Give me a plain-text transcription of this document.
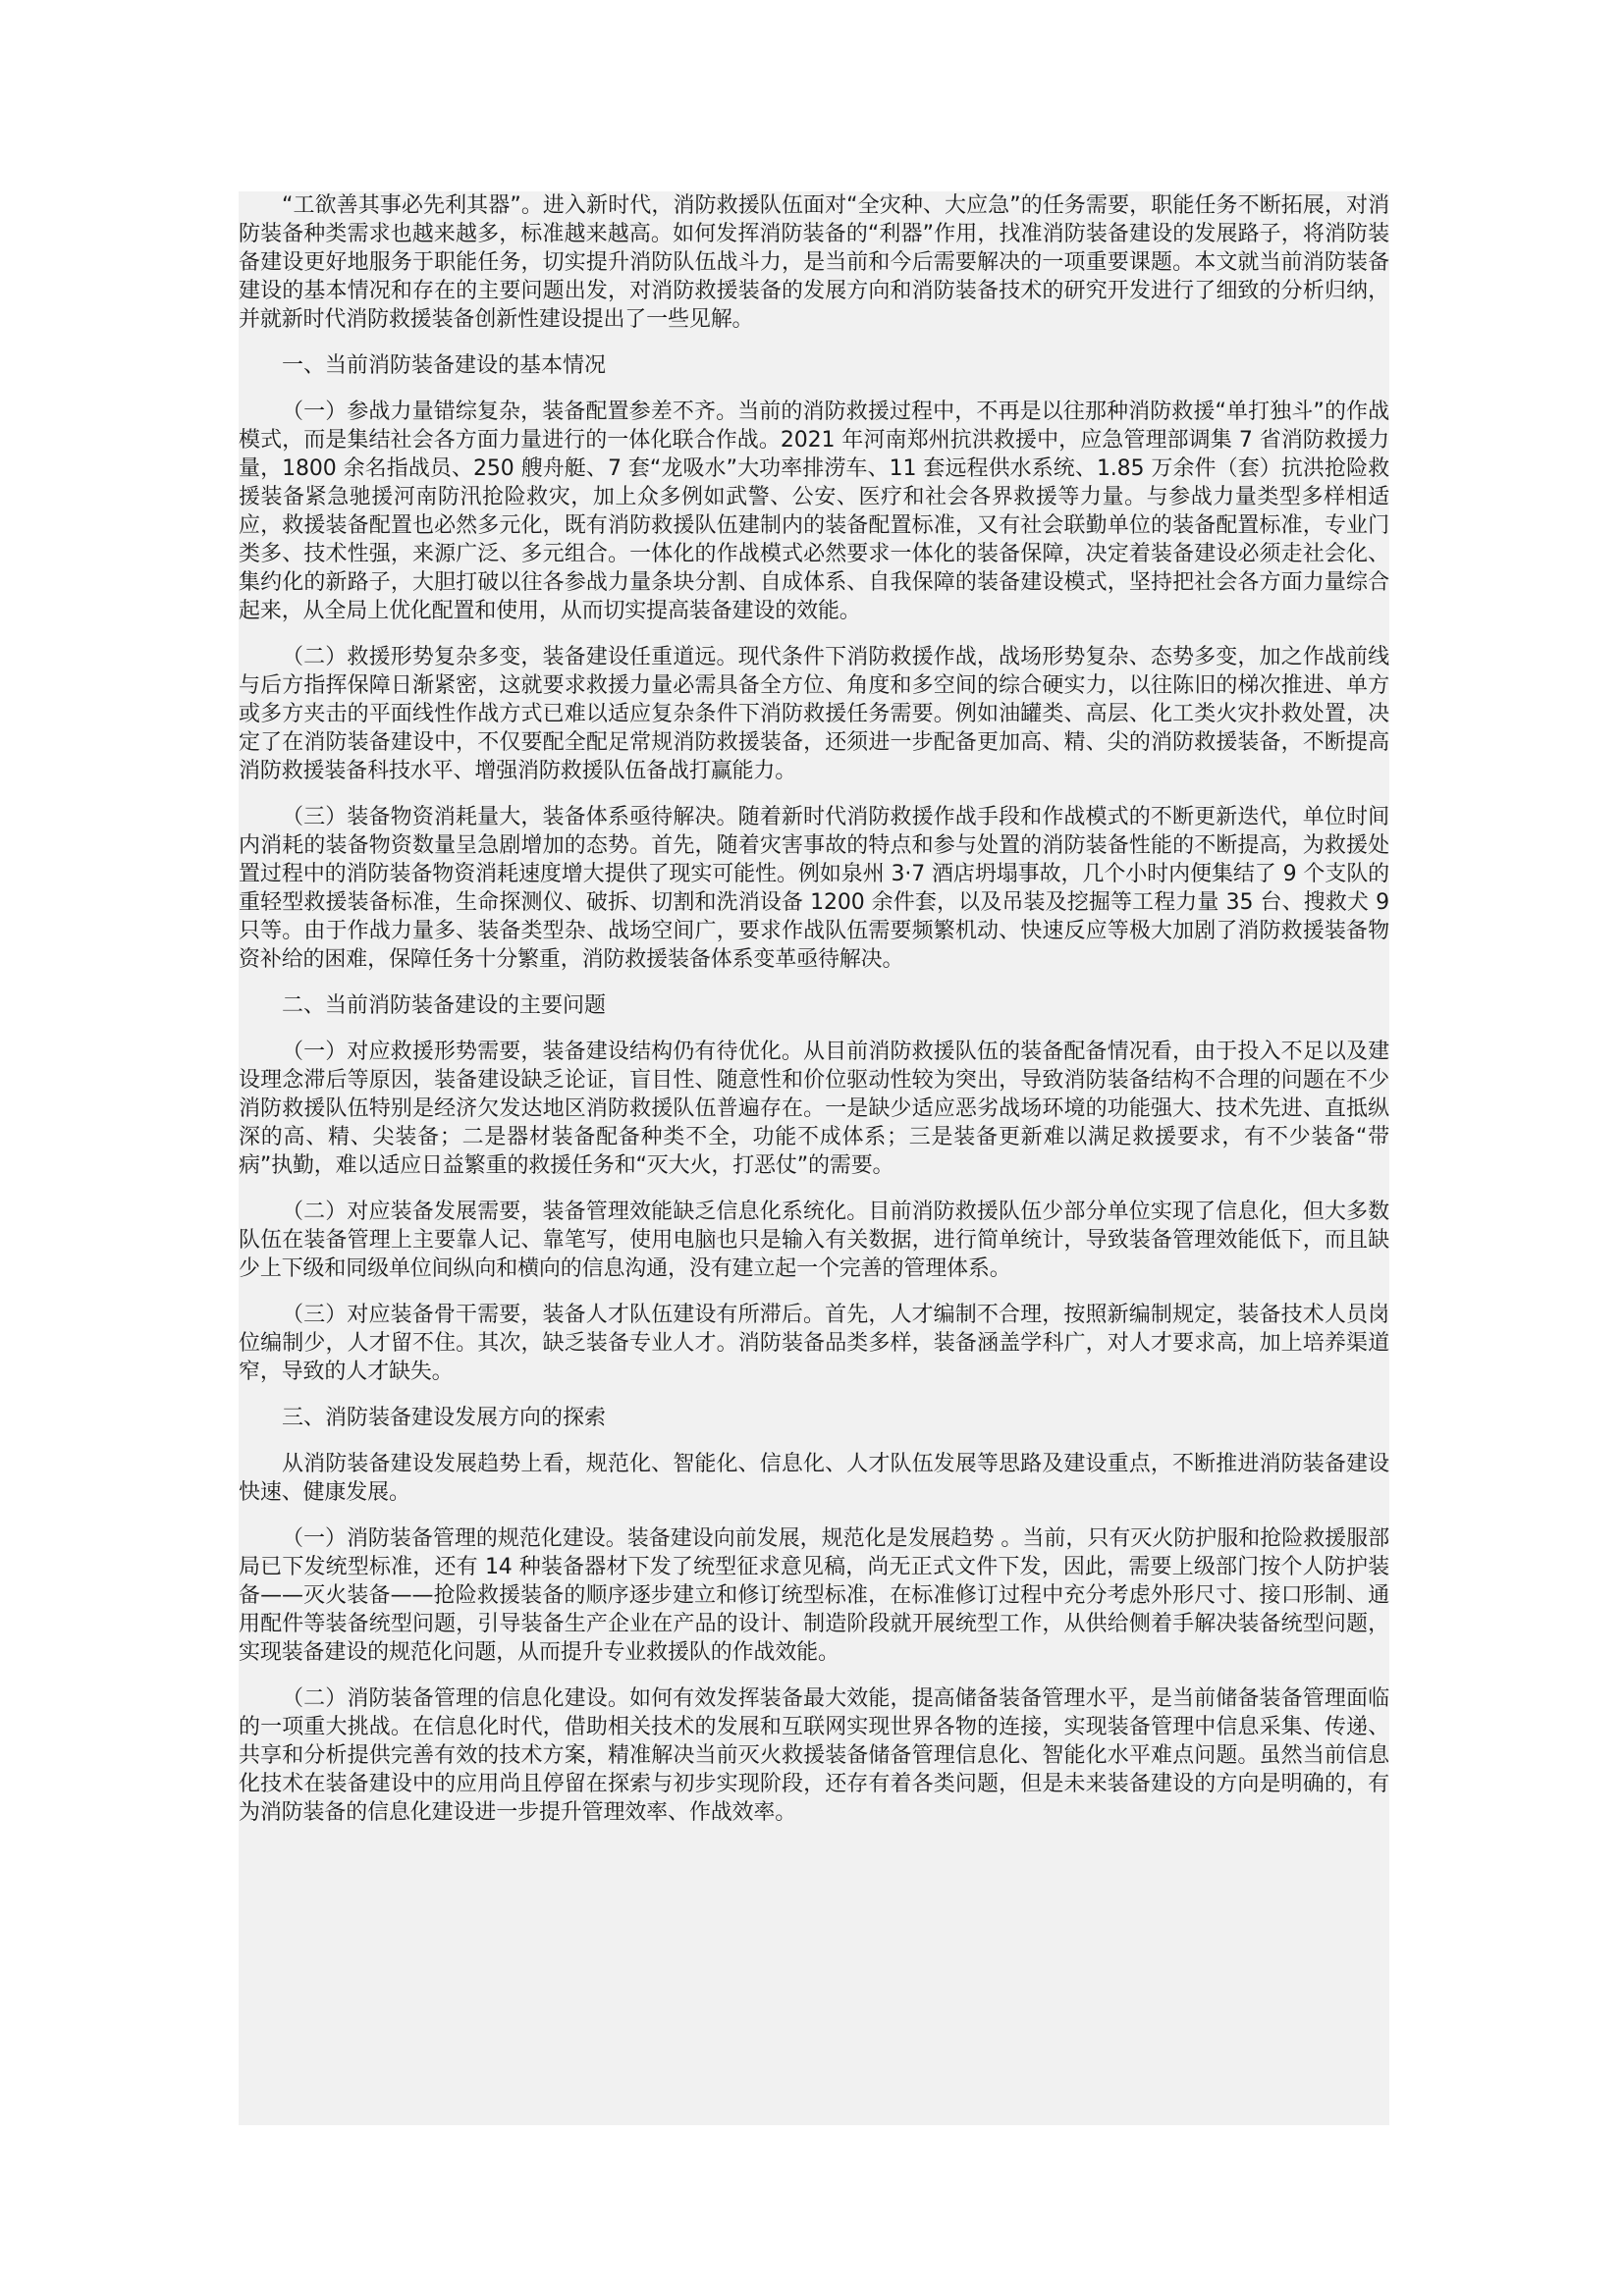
“工欲善其事必先利其器”。进入新时代，消防救援队伍面对“全灾种、大应急”的任务需要，职能任务不断拓展，对消防装备种类需求也越来越多，标准越来越高。如何发挥消防装备的“利器”作用，找准消防装备建设的发展路子，将消防装备建设更好地服务于职能任务，切实提升消防队伍战斗力，是当前和今后需要解决的一项重要课题。本文就当前消防装备建设的基本情况和存在的主要问题出发，对消防救援装备的发展方向和消防装备技术的研究开发进行了细致的分析归纳，并就新时代消防救援装备创新性建设提出了一些见解。

一、当前消防装备建设的基本情况

（一）参战力量错综复杂，装备配置参差不齐。当前的消防救援过程中，不再是以往那种消防救援“单打独斗”的作战模式，而是集结社会各方面力量进行的一体化联合作战。2021 年河南郑州抗洪救援中，应急管理部调集 7 省消防救援力量，1800 余名指战员、250 艘舟艇、7 套“龙吸水”大功率排涝车、11 套远程供水系统、1.85 万余件（套）抗洪抢险救援装备紧急驰援河南防汛抢险救灾，加上众多例如武警、公安、医疗和社会各界救援等力量。与参战力量类型多样相适应，救援装备配置也必然多元化，既有消防救援队伍建制内的装备配置标准，又有社会联勤单位的装备配置标准，专业门类多、技术性强，来源广泛、多元组合。一体化的作战模式必然要求一体化的装备保障，决定着装备建设必须走社会化、集约化的新路子，大胆打破以往各参战力量条块分割、自成体系、自我保障的装备建设模式，坚持把社会各方面力量综合起来，从全局上优化配置和使用，从而切实提高装备建设的效能。

（二）救援形势复杂多变，装备建设任重道远。现代条件下消防救援作战，战场形势复杂、态势多变，加之作战前线与后方指挥保障日渐紧密，这就要求救援力量必需具备全方位、角度和多空间的综合硬实力，以往陈旧的梯次推进、单方或多方夹击的平面线性作战方式已难以适应复杂条件下消防救援任务需要。例如油罐类、高层、化工类火灾扑救处置，决定了在消防装备建设中，不仅要配全配足常规消防救援装备，还须进一步配备更加高、精、尖的消防救援装备，不断提高消防救援装备科技水平、增强消防救援队伍备战打赢能力。

（三）装备物资消耗量大，装备体系亟待解决。随着新时代消防救援作战手段和作战模式的不断更新迭代，单位时间内消耗的装备物资数量呈急剧增加的态势。首先，随着灾害事故的特点和参与处置的消防装备性能的不断提高，为救援处置过程中的消防装备物资消耗速度增大提供了现实可能性。例如泉州 3·7 酒店坍塌事故，几个小时内便集结了 9 个支队的重轻型救援装备标准，生命探测仪、破拆、切割和洗消设备 1200 余件套，以及吊装及挖掘等工程力量 35 台、搜救犬 9 只等。由于作战力量多、装备类型杂、战场空间广，要求作战队伍需要频繁机动、快速反应等极大加剧了消防救援装备物资补给的困难，保障任务十分繁重，消防救援装备体系变革亟待解决。

二、当前消防装备建设的主要问题

（一）对应救援形势需要，装备建设结构仍有待优化。从目前消防救援队伍的装备配备情况看，由于投入不足以及建设理念滞后等原因，装备建设缺乏论证，盲目性、随意性和价位驱动性较为突出，导致消防装备结构不合理的问题在不少消防救援队伍特别是经济欠发达地区消防救援队伍普遍存在。一是缺少适应恶劣战场环境的功能强大、技术先进、直抵纵深的高、精、尖装备；二是器材装备配备种类不全，功能不成体系；三是装备更新难以满足救援要求，有不少装备“带病”执勤，难以适应日益繁重的救援任务和“灭大火，打恶仗”的需要。

（二）对应装备发展需要，装备管理效能缺乏信息化系统化。目前消防救援队伍少部分单位实现了信息化，但大多数队伍在装备管理上主要靠人记、靠笔写，使用电脑也只是输入有关数据，进行简单统计，导致装备管理效能低下，而且缺少上下级和同级单位间纵向和横向的信息沟通，没有建立起一个完善的管理体系。

（三）对应装备骨干需要，装备人才队伍建设有所滞后。首先，人才编制不合理，按照新编制规定，装备技术人员岗位编制少，人才留不住。其次，缺乏装备专业人才。消防装备品类多样，装备涵盖学科广，对人才要求高，加上培养渠道窄，导致的人才缺失。

三、消防装备建设发展方向的探索

从消防装备建设发展趋势上看，规范化、智能化、信息化、人才队伍发展等思路及建设重点，不断推进消防装备建设快速、健康发展。

（一）消防装备管理的规范化建设。装备建设向前发展，规范化是发展趋势 。当前，只有灭火防护服和抢险救援服部局已下发统型标准，还有 14 种装备器材下发了统型征求意见稿，尚无正式文件下发，因此，需要上级部门按个人防护装备——灭火装备——抢险救援装备的顺序逐步建立和修订统型标准，在标准修订过程中充分考虑外形尺寸、接口形制、通用配件等装备统型问题，引导装备生产企业在产品的设计、制造阶段就开展统型工作，从供给侧着手解决装备统型问题，实现装备建设的规范化问题，从而提升专业救援队的作战效能。

（二）消防装备管理的信息化建设。如何有效发挥装备最大效能，提高储备装备管理水平，是当前储备装备管理面临的一项重大挑战。在信息化时代，借助相关技术的发展和互联网实现世界各物的连接，实现装备管理中信息采集、传递、共享和分析提供完善有效的技术方案，精准解决当前灭火救援装备储备管理信息化、智能化水平难点问题。虽然当前信息化技术在装备建设中的应用尚且停留在探索与初步实现阶段，还存有着各类问题，但是未来装备建设的方向是明确的，有为消防装备的信息化建设进一步提升管理效率、作战效率。
